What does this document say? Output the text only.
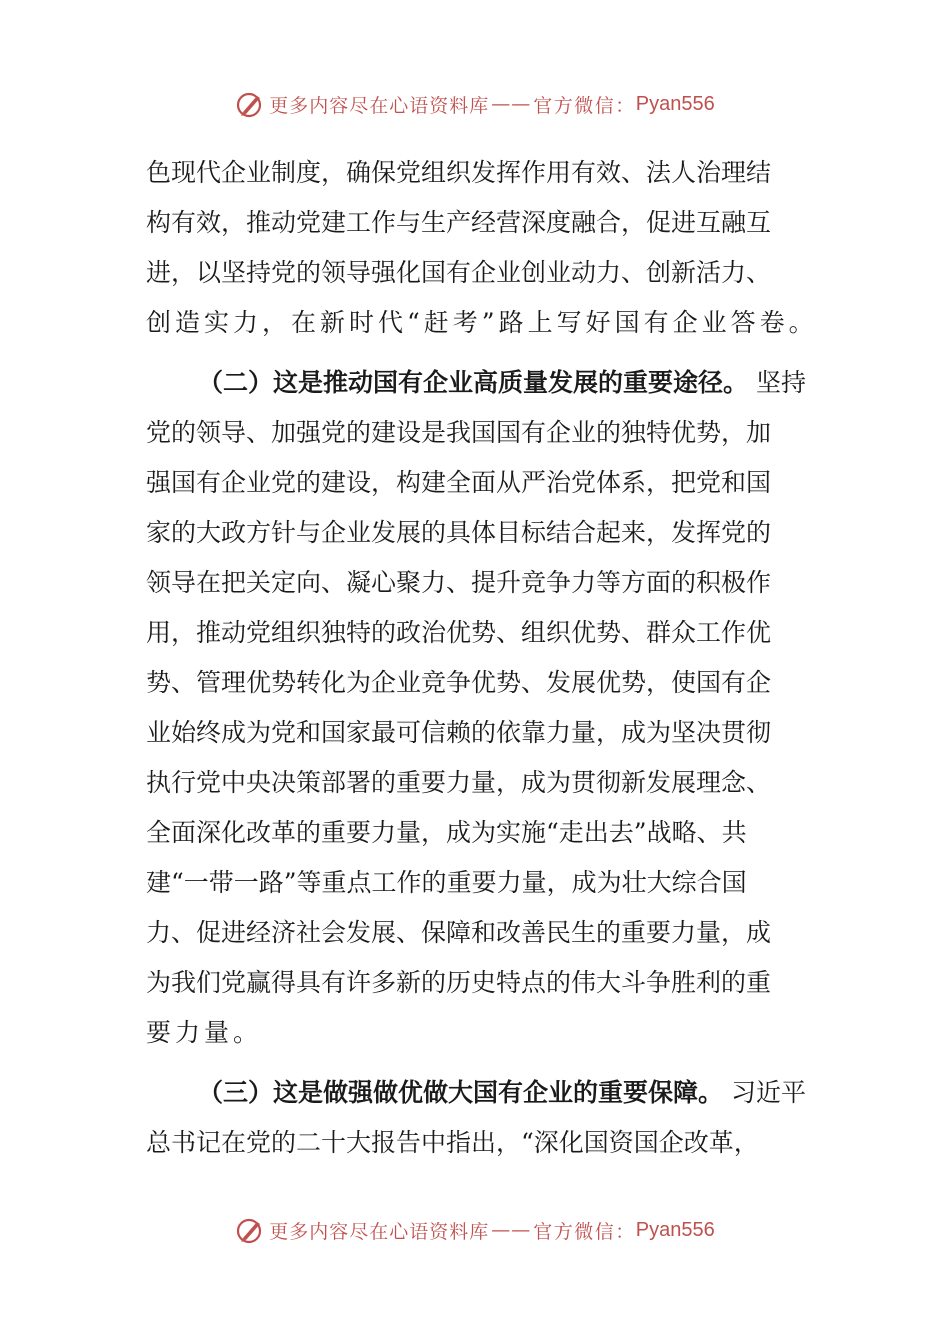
更多内容尽在心语资料库 —— 官方微信： Pyan556
色现代企业制度，确保党组织发挥作用有效、法人治理结
构有效，推动党建工作与生产经营深度融合，促进互融互
进，以坚持党的领导强化国有企业创业动力、创新活力、
创造实力，在新时代“赶考”路上写好国有企业答卷。
（二）这是推动国有企业高质量发展的重要途径。 坚持
党的领导、加强党的建设是我国国有企业的独特优势，加
强国有企业党的建设，构建全面从严治党体系，把党和国
家的大政方针与企业发展的具体目标结合起来，发挥党的
领导在把关定向、凝心聚力、提升竞争力等方面的积极作
用，推动党组织独特的政治优势、组织优势、群众工作优
势、管理优势转化为企业竞争优势、发展优势，使国有企
业始终成为党和国家最可信赖的依靠力量，成为坚决贯彻
执行党中央决策部署的重要力量，成为贯彻新发展理念、
全面深化改革的重要力量，成为实施“走出去”战略、共
建“一带一路”等重点工作的重要力量，成为壮大综合国
力、促进经济社会发展、保障和改善民生的重要力量，成
为我们党赢得具有许多新的历史特点的伟大斗争胜利的重
要力量。
（三）这是做强做优做大国有企业的重要保障。 习近平
总书记在党的二十大报告中指出，“深化国资国企改革，
更多内容尽在心语资料库 —— 官方微信： Pyan556
